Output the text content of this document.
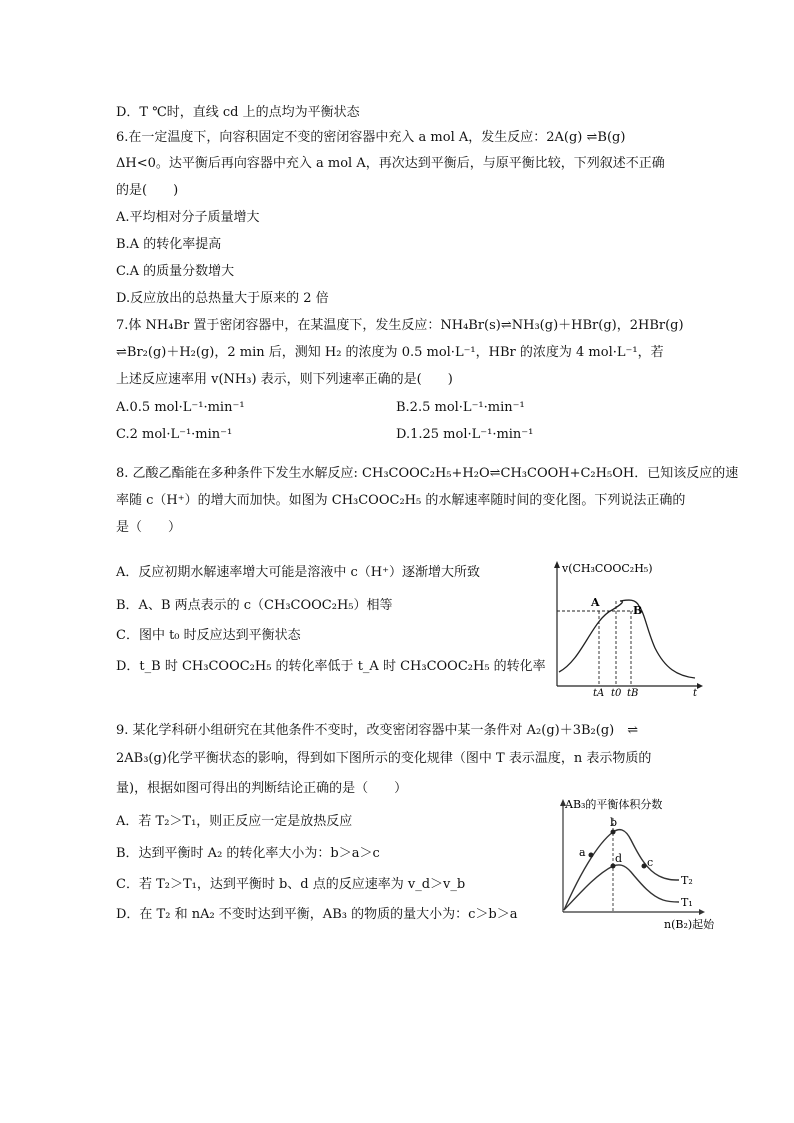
D．T ℃时，直线 cd 上的点均为平衡状态
6.在一定温度下，向容积固定不变的密闭容器中充入 a mol A，发生反应：2A(g) ⇌B(g)
ΔH<0。达平衡后再向容器中充入 a mol A，再次达到平衡后，与原平衡比较，下列叙述不正确
的是(　　)
A.平均相对分子质量增大
B.A 的转化率提高
C.A 的质量分数增大
D.反应放出的总热量大于原来的 2 倍
7.体 NH₄Br 置于密闭容器中，在某温度下，发生反应：NH₄Br(s)⇌NH₃(g)＋HBr(g)，2HBr(g)
⇌Br₂(g)＋H₂(g)，2 min 后，测知 H₂ 的浓度为 0.5 mol·L⁻¹，HBr 的浓度为 4 mol·L⁻¹，若
上述反应速率用 v(NH₃) 表示，则下列速率正确的是(　　)
A.0.5 mol·L⁻¹·min⁻¹	B.2.5 mol·L⁻¹·min⁻¹
C.2 mol·L⁻¹·min⁻¹	D.1.25 mol·L⁻¹·min⁻¹
8. 乙酸乙酯能在多种条件下发生水解反应: CH₃COOC₂H₅+H₂O⇌CH₃COOH+C₂H₅OH．已知该反应的速
率随 c（H⁺）的增大而加快。如图为 CH₃COOC₂H₅ 的水解速率随时间的变化图。下列说法正确的
是（　　）
A．反应初期水解速率增大可能是溶液中 c（H⁺）逐渐增大所致
B．A、B 两点表示的 c（CH₃COOC₂H₅）相等
C．图中 t₀ 时反应达到平衡状态
D．t_B 时 CH₃COOC₂H₅ 的转化率低于 t_A 时 CH₃COOC₂H₅ 的转化率
v(CH₃COOC₂H₅)
A
B
tA t0 tB	t
9. 某化学科研小组研究在其他条件不变时，改变密闭容器中某一条件对 A₂(g)＋3B₂(g)　⇌
2AB₃(g)化学平衡状态的影响，得到如下图所示的变化规律（图中 T 表示温度，n 表示物质的
量)，根据如图可得出的判断结论正确的是（　　）
A．若 T₂＞T₁，则正反应一定是放热反应
B．达到平衡时 A₂ 的转化率大小为：b＞a＞c
C．若 T₂＞T₁，达到平衡时 b、d 点的反应速率为 v_d＞v_b
D．在 T₂ 和 nA₂ 不变时达到平衡，AB₃ 的物质的量大小为：c＞b＞a
AB₃的平衡体积分数
a
b
c
d
T₂
T₁
n(B₂)起始
